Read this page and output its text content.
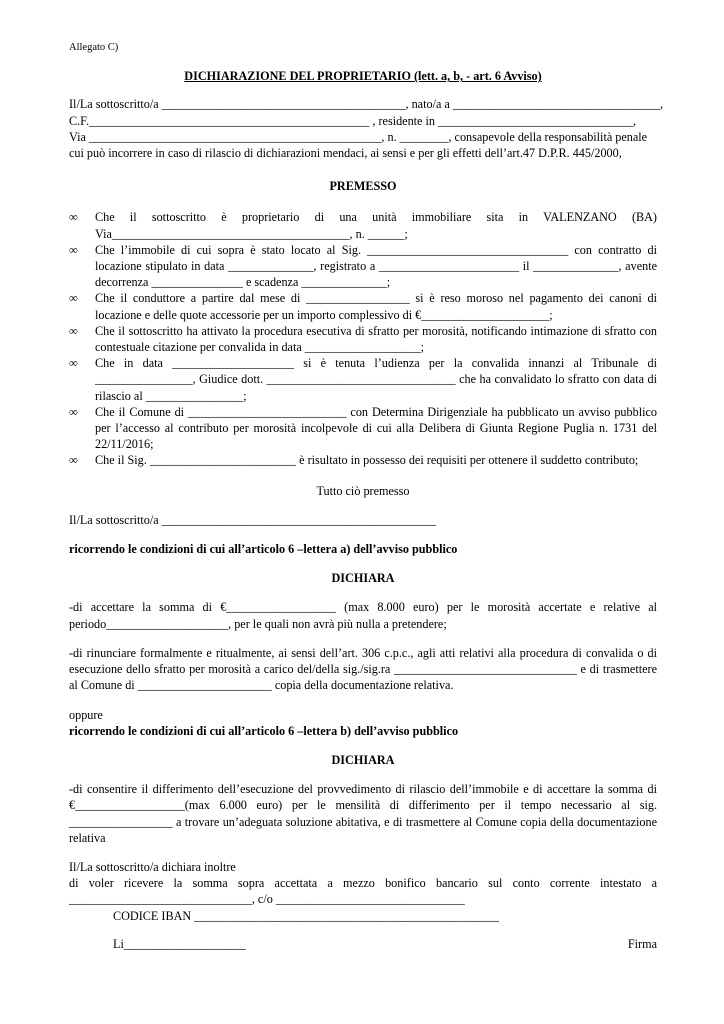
Allegato C)

DICHIARAZIONE DEL PROPRIETARIO (lett. a, b, - art. 6 Avviso)

Il/La sottoscritto/a ________________________________________, nato/a a __________________________________,

C.F.______________________________________________ , residente in ________________________________,

Via ________________________________________________, n. ________, consapevole della responsabilità penale

cui può incorrere in caso di rilascio di dichiarazioni mendaci, ai sensi e per gli effetti dell’art.47 D.P.R. 445/2000,

PREMESSO

∞ Che il sottoscritto è proprietario di una unità immobiliare sita in VALENZANO (BA) Via_______________________________________, n. ______;
∞ Che l’immobile di cui sopra è stato locato al Sig. _________________________________ con contratto di locazione stipulato in data ______________, registrato a _______________________ il ______________, avente decorrenza _______________ e scadenza ______________;
∞ Che il conduttore a partire dal mese di _________________ si è reso moroso nel pagamento dei canoni di locazione e delle quote accessorie per un importo complessivo di €_____________________;
∞ Che il sottoscritto ha attivato la procedura esecutiva di sfratto per morosità, notificando intimazione di sfratto con contestuale citazione per convalida in data ___________________;
∞ Che in data ____________________ si è tenuta l’udienza per la convalida innanzi al Tribunale di ________________, Giudice dott. _______________________________ che ha convalidato lo sfratto con data di rilascio al ________________;
∞ Che il Comune di __________________________ con Determina Dirigenziale ha pubblicato un avviso pubblico per l’accesso al contributo per morosità incolpevole di cui alla Delibera di Giunta Regione Puglia n. 1731 del 22/11/2016;
∞ Che il Sig. ________________________ è risultato in possesso dei requisiti per ottenere il suddetto contributo;

Tutto ciò premesso

Il/La sottoscritto/a _____________________________________________

ricorrendo le condizioni di cui all’articolo 6 –lettera a) dell’avviso pubblico

DICHIARA

-di accettare la somma di €__________________ (max 8.000 euro) per le morosità accertate e relative al periodo____________________, per le quali non avrà più nulla a pretendere;

-di rinunciare formalmente e ritualmente, ai sensi dell’art. 306 c.p.c., agli atti relativi alla procedura di convalida o di esecuzione dello sfratto per morosità a carico del/della sig./sig.ra ______________________________ e di trasmettere al Comune di ______________________ copia della documentazione relativa.

oppure

ricorrendo le condizioni di cui all’articolo 6 –lettera b) dell’avviso pubblico

DICHIARA

-di consentire il differimento dell’esecuzione del provvedimento di rilascio dell’immobile e di accettare la somma di €__________________(max 6.000 euro) per le mensilità di differimento per il tempo necessario al sig. _________________ a trovare un’adeguata soluzione abitativa, e di trasmettere al Comune copia della documentazione relativa

Il/La sottoscritto/a dichiara inoltre

di voler ricevere la somma sopra accettata a mezzo bonifico bancario sul conto corrente intestato a ______________________________, c/o _______________________________

CODICE IBAN __________________________________________________

Li____________________	Firma
